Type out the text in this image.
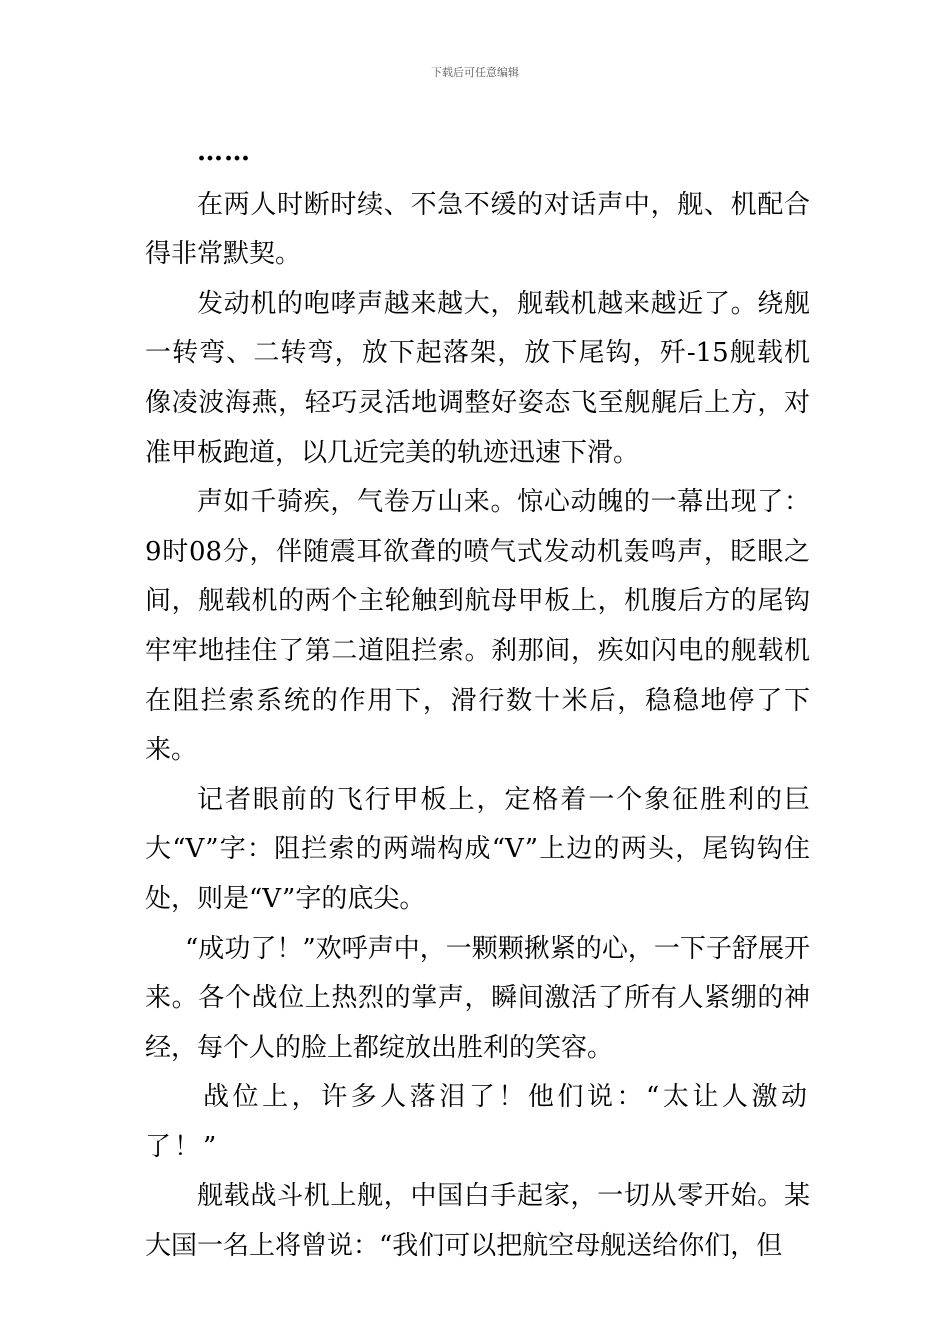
下载后可任意编辑

……

在两人时断时续、不急不缓的对话声中，舰、机配合得非常默契。

发动机的咆哮声越来越大，舰载机越来越近了。绕舰一转弯、二转弯，放下起落架，放下尾钩，歼-15舰载机像凌波海燕，轻巧灵活地调整好姿态飞至舰艉后上方，对准甲板跑道，以几近完美的轨迹迅速下滑。

声如千骑疾，气卷万山来。惊心动魄的一幕出现了：9时08分，伴随震耳欲聋的喷气式发动机轰鸣声，眨眼之间，舰载机的两个主轮触到航母甲板上，机腹后方的尾钩牢牢地挂住了第二道阻拦索。刹那间，疾如闪电的舰载机在阻拦索系统的作用下，滑行数十米后，稳稳地停了下来。

记者眼前的飞行甲板上，定格着一个象征胜利的巨大“V”字：阻拦索的两端构成“V”上边的两头，尾钩钩住处，则是“V”字的底尖。

“成功了！”欢呼声中，一颗颗揪紧的心，一下子舒展开来。各个战位上热烈的掌声，瞬间激活了所有人紧绷的神经，每个人的脸上都绽放出胜利的笑容。

战位上，许多人落泪了！他们说：“太让人激动了！”

舰载战斗机上舰，中国白手起家，一切从零开始。某大国一名上将曾说：“我们可以把航空母舰送给你们，但
